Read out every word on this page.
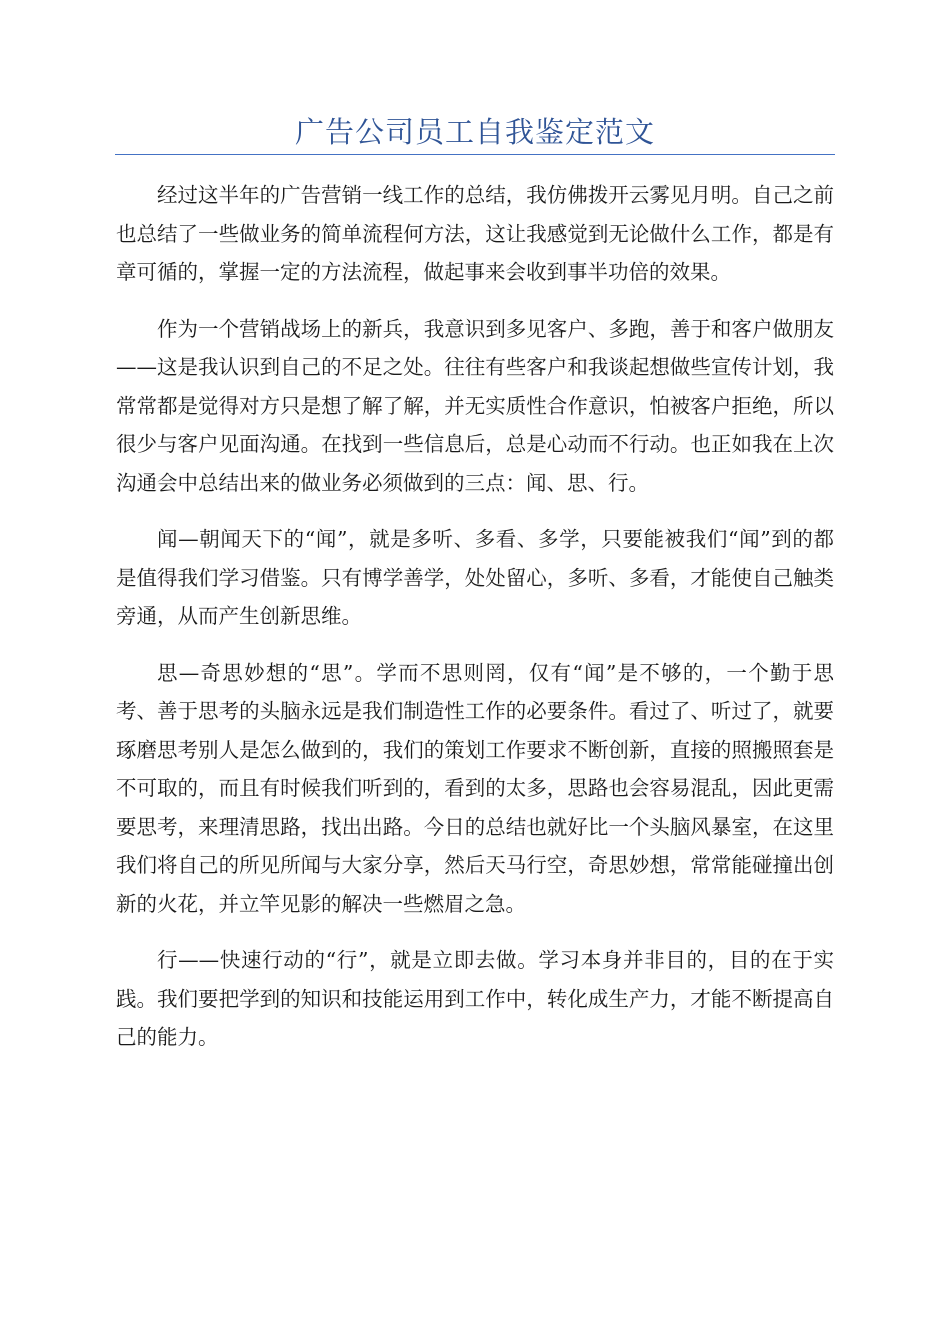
广告公司员工自我鉴定范文

经过这半年的广告营销一线工作的总结，我仿佛拨开云雾见月明。自己之前也总结了一些做业务的简单流程何方法，这让我感觉到无论做什么工作，都是有章可循的，掌握一定的方法流程，做起事来会收到事半功倍的效果。

作为一个营销战场上的新兵，我意识到多见客户、多跑，善于和客户做朋友——这是我认识到自己的不足之处。往往有些客户和我谈起想做些宣传计划，我常常都是觉得对方只是想了解了解，并无实质性合作意识，怕被客户拒绝，所以很少与客户见面沟通。在找到一些信息后，总是心动而不行动。也正如我在上次沟通会中总结出来的做业务必须做到的三点：闻、思、行。

闻—朝闻天下的“闻”，就是多听、多看、多学，只要能被我们“闻”到的都是值得我们学习借鉴。只有博学善学，处处留心，多听、多看，才能使自己触类旁通，从而产生创新思维。

思—奇思妙想的“思”。学而不思则罔，仅有“闻”是不够的，一个勤于思考、善于思考的头脑永远是我们制造性工作的必要条件。看过了、听过了，就要琢磨思考别人是怎么做到的，我们的策划工作要求不断创新，直接的照搬照套是不可取的，而且有时候我们听到的，看到的太多，思路也会容易混乱，因此更需要思考，来理清思路，找出出路。今日的总结也就好比一个头脑风暴室，在这里我们将自己的所见所闻与大家分享，然后天马行空，奇思妙想，常常能碰撞出创新的火花，并立竿见影的解决一些燃眉之急。

行——快速行动的“行”，就是立即去做。学习本身并非目的，目的在于实践。我们要把学到的知识和技能运用到工作中，转化成生产力，才能不断提高自己的能力。
